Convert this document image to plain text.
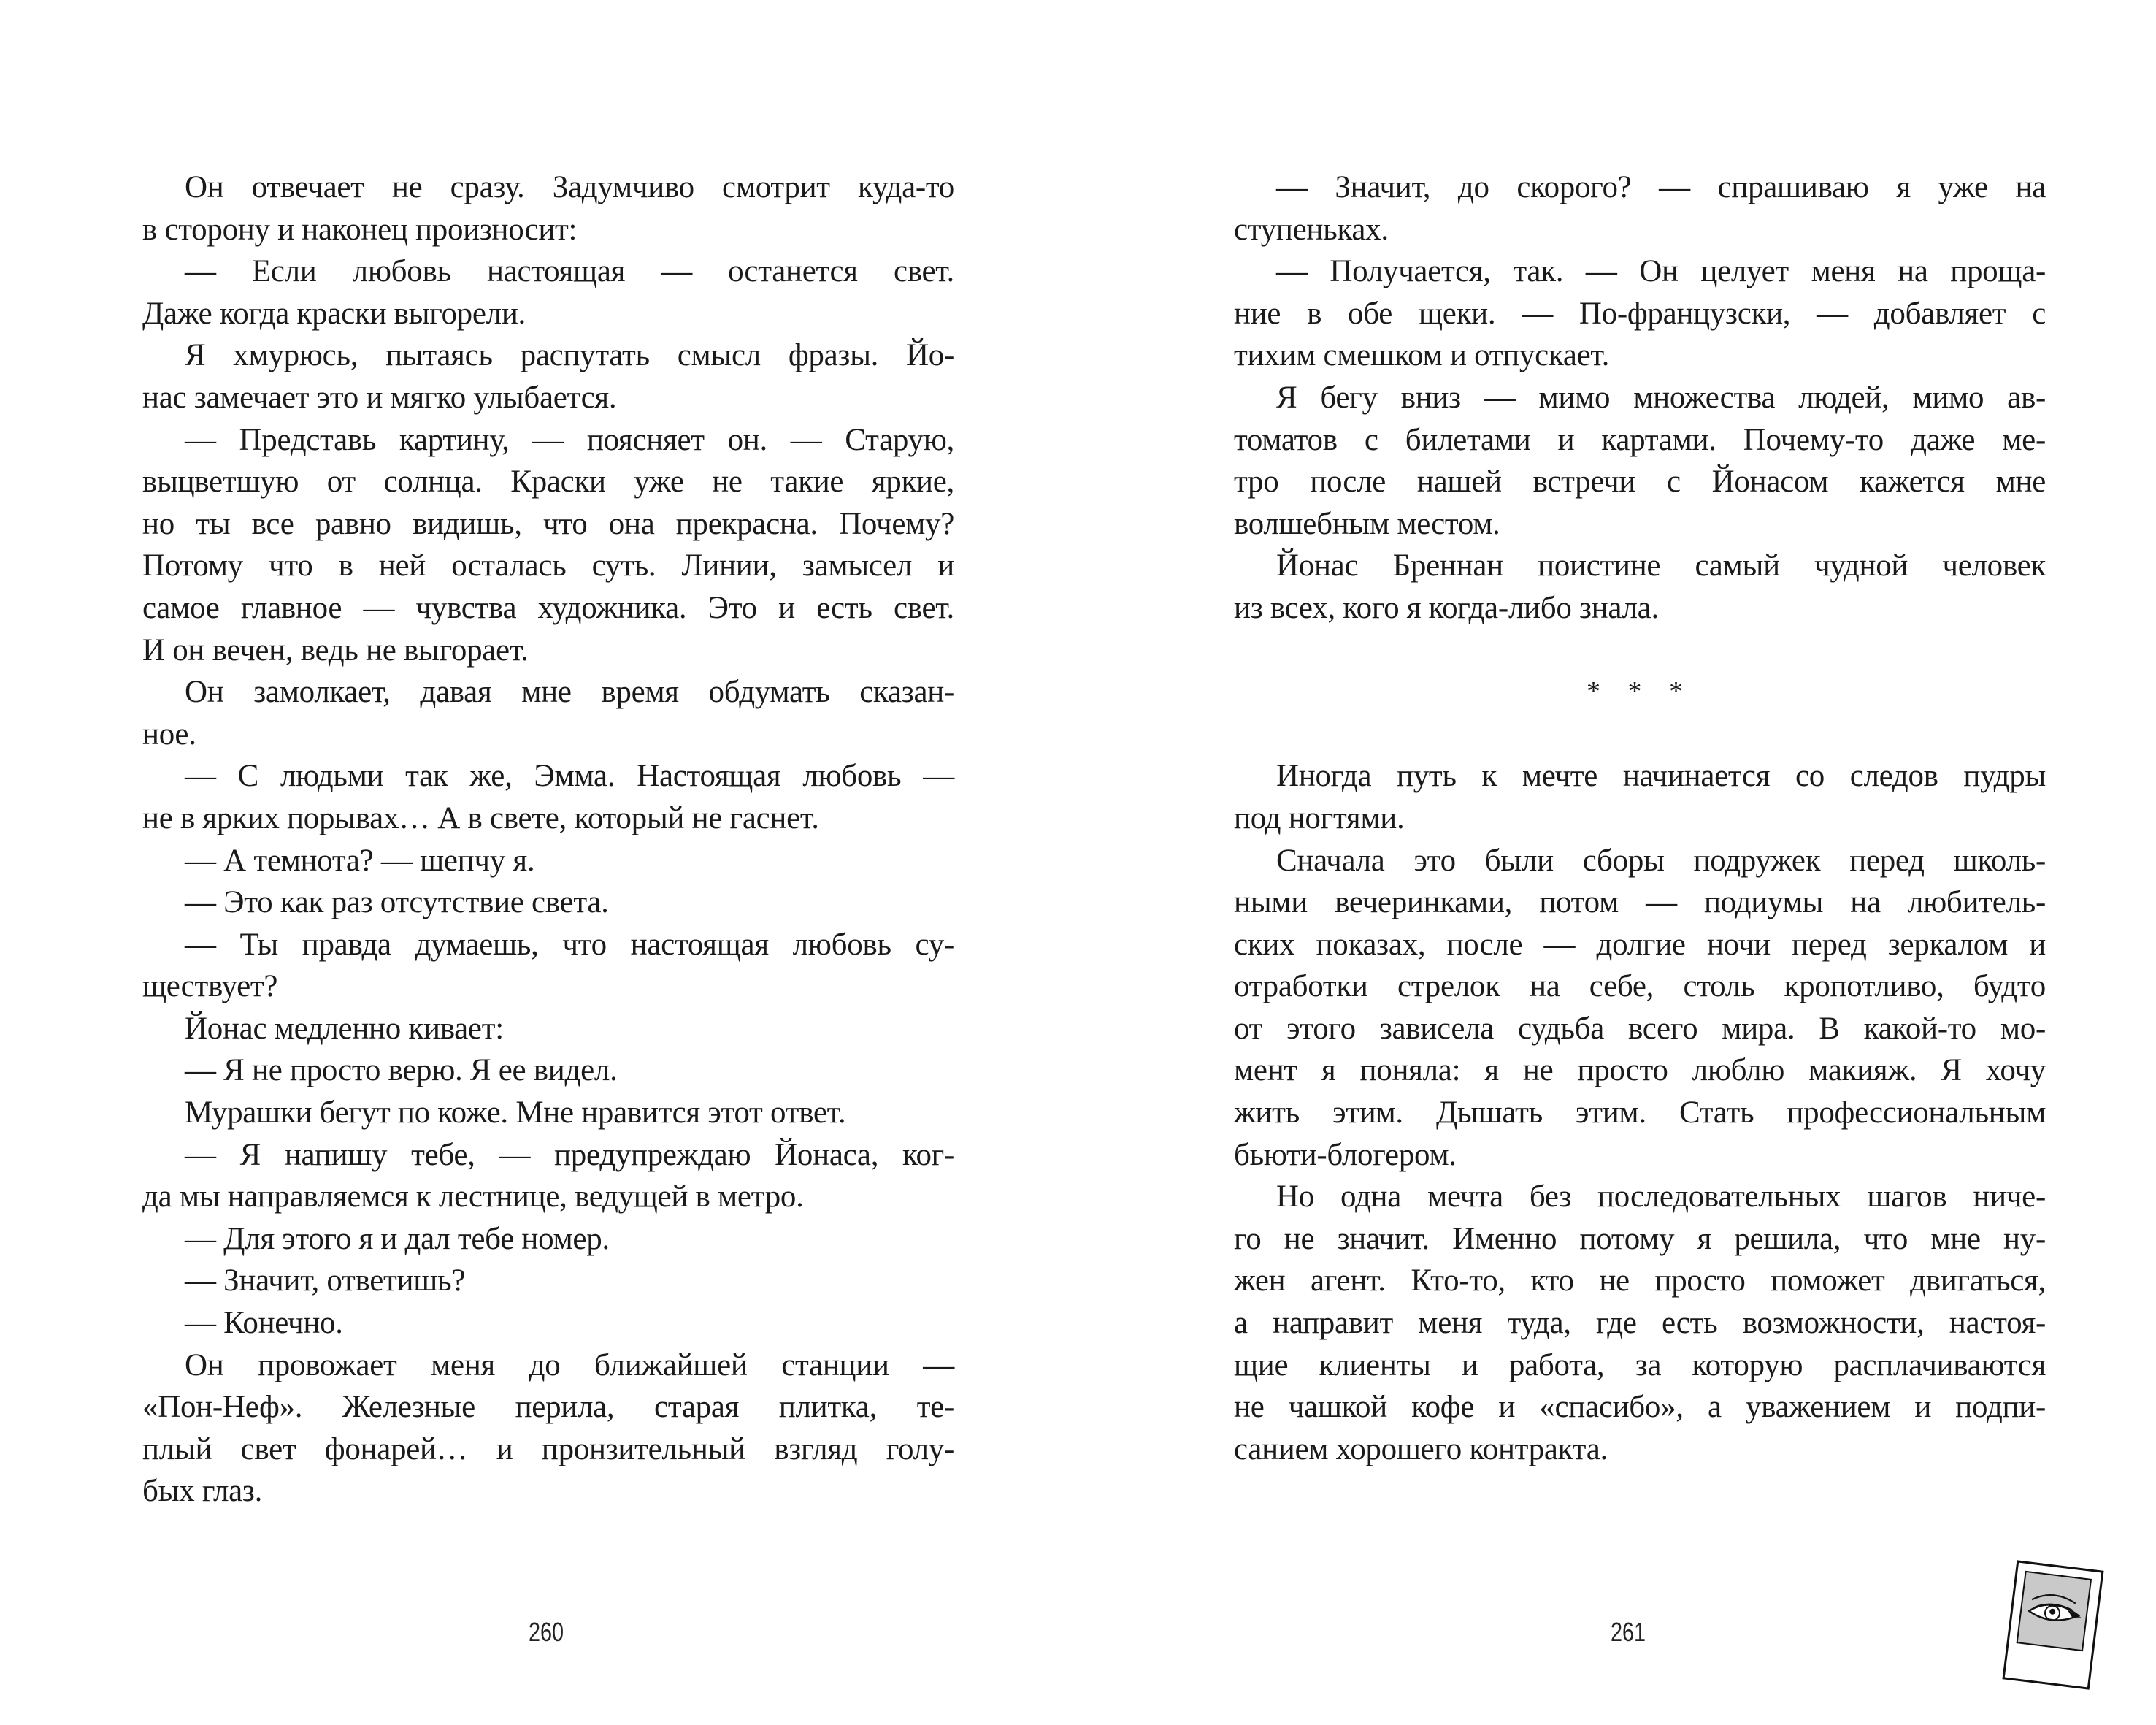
Он отвечает не сразу. Задумчиво смотрит куда-то
в сторону и наконец произносит:
— Если любовь настоящая — останется свет.
Даже когда краски выгорели.
Я хмурюсь, пытаясь распутать смысл фразы. Йо-
нас замечает это и мягко улыбается.
— Представь картину, — поясняет он. — Старую,
выцветшую от солнца. Краски уже не такие яркие,
но ты все равно видишь, что она прекрасна. Почему?
Потому что в ней осталась суть. Линии, замысел и
самое главное — чувства художника. Это и есть свет.
И он вечен, ведь не выгорает.
Он замолкает, давая мне время обдумать сказан-
ное.
— С людьми так же, Эмма. Настоящая любовь —
не в ярких порывах… А в свете, который не гаснет.
— А темнота? — шепчу я.
— Это как раз отсутствие света.
— Ты правда думаешь, что настоящая любовь су-
ществует?
Йонас медленно кивает:
— Я не просто верю. Я ее видел.
Мурашки бегут по коже. Мне нравится этот ответ.
— Я напишу тебе, — предупреждаю Йонаса, ког-
да мы направляемся к лестнице, ведущей в метро.
— Для этого я и дал тебе номер.
— Значит, ответишь?
— Конечно.
Он провожает меня до ближайшей станции —
«Пон-Неф». Железные перила, старая плитка, те-
плый свет фонарей… и пронзительный взгляд голу-
бых глаз.
— Значит, до скорого? — спрашиваю я уже на
ступеньках.
— Получается, так. — Он целует меня на проща-
ние в обе щеки. — По-французски, — добавляет с
тихим смешком и отпускает.
Я бегу вниз — мимо множества людей, мимо ав-
томатов с билетами и картами. Почему-то даже ме-
тро после нашей встречи с Йонасом кажется мне
волшебным местом.
Йонас Бреннан поистине самый чудной человек
из всех, кого я когда-либо знала.
* * *
Иногда путь к мечте начинается со следов пудры
под ногтями.
Сначала это были сборы подружек перед школь-
ными вечеринками, потом — подиумы на любитель-
ских показах, после — долгие ночи перед зеркалом и
отработки стрелок на себе, столь кропотливо, будто
от этого зависела судьба всего мира. В какой-то мо-
мент я поняла: я не просто люблю макияж. Я хочу
жить этим. Дышать этим. Стать профессиональным
бьюти-блогером.
Но одна мечта без последовательных шагов ниче-
го не значит. Именно потому я решила, что мне ну-
жен агент. Кто-то, кто не просто поможет двигаться,
а направит меня туда, где есть возможности, настоя-
щие клиенты и работа, за которую расплачиваются
не чашкой кофе и «спасибо», а уважением и подпи-
санием хорошего контракта.
260	261
